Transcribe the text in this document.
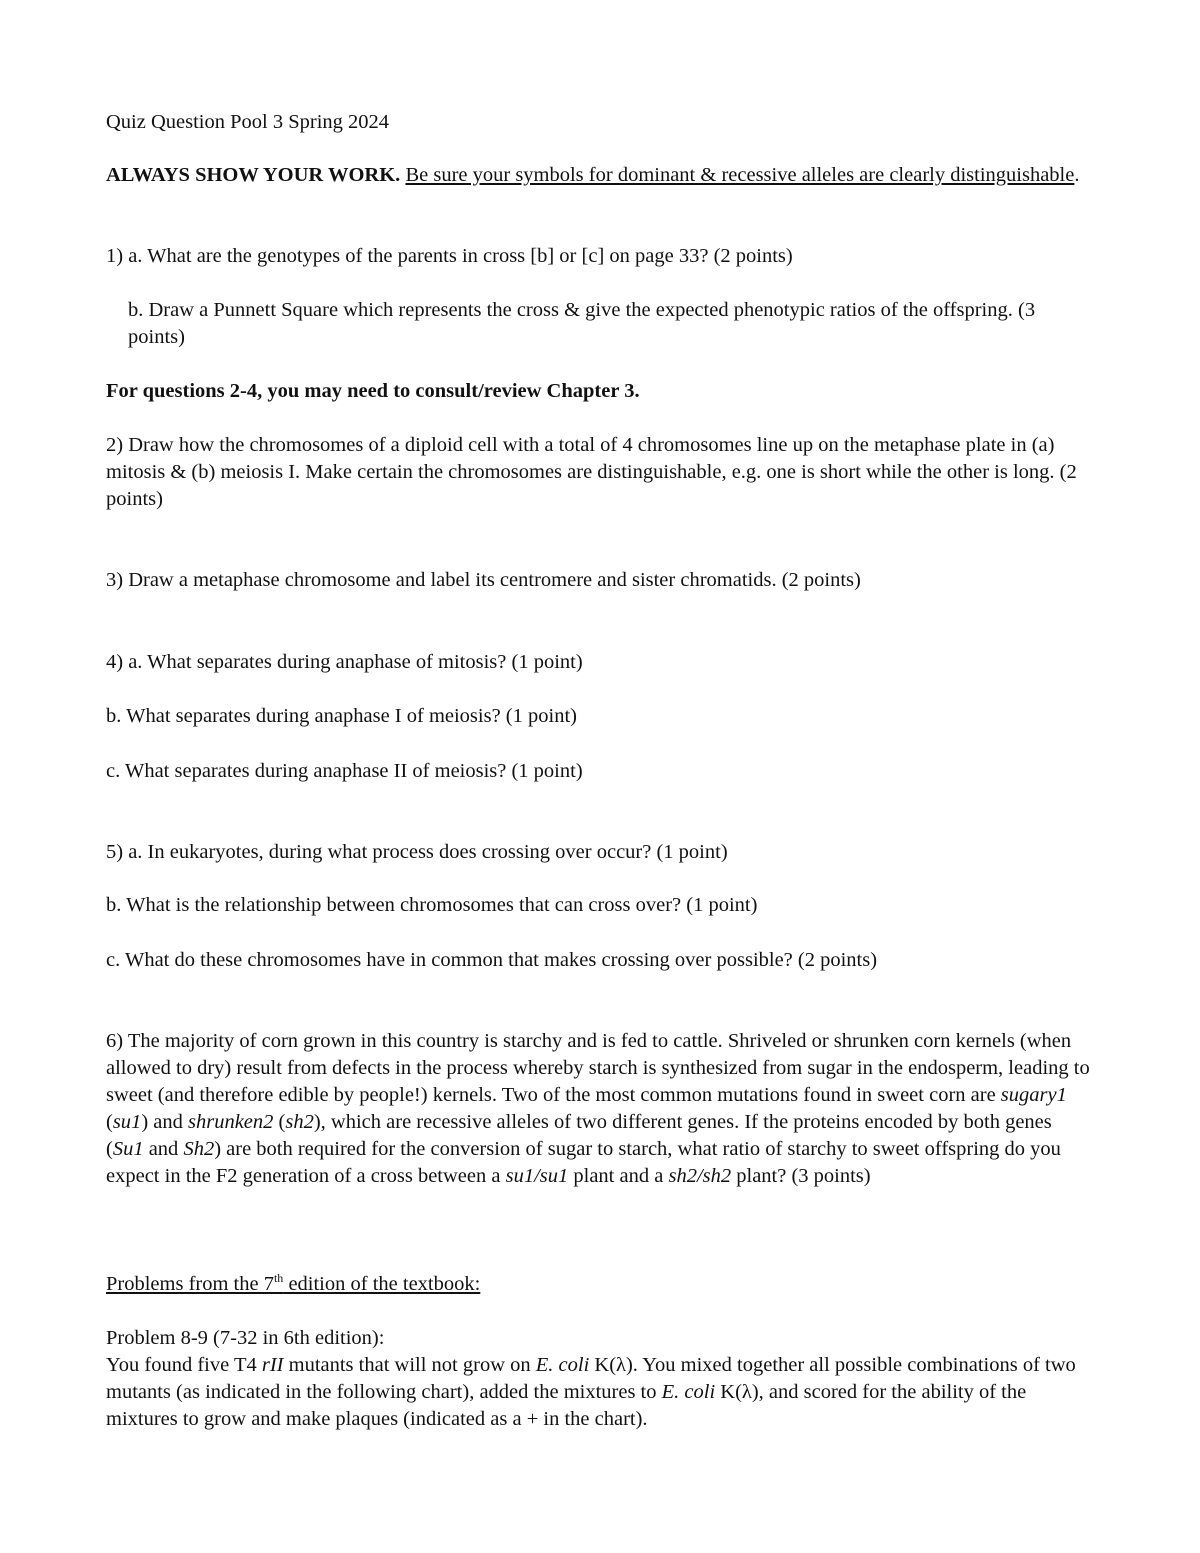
Quiz Question Pool 3 Spring 2024

ALWAYS SHOW YOUR WORK. Be sure your symbols for dominant & recessive alleles are clearly distinguishable.

1) a. What are the genotypes of the parents in cross [b] or [c] on page 33? (2 points)

b. Draw a Punnett Square which represents the cross & give the expected phenotypic ratios of the offspring. (3 points)

For questions 2-4, you may need to consult/review Chapter 3.

2) Draw how the chromosomes of a diploid cell with a total of 4 chromosomes line up on the metaphase plate in (a) mitosis & (b) meiosis I. Make certain the chromosomes are distinguishable, e.g. one is short while the other is long. (2 points)

3) Draw a metaphase chromosome and label its centromere and sister chromatids. (2 points)

4) a. What separates during anaphase of mitosis? (1 point)

b. What separates during anaphase I of meiosis? (1 point)

c. What separates during anaphase II of meiosis? (1 point)

5) a. In eukaryotes, during what process does crossing over occur? (1 point)

b. What is the relationship between chromosomes that can cross over? (1 point)

c. What do these chromosomes have in common that makes crossing over possible? (2 points)

6) The majority of corn grown in this country is starchy and is fed to cattle. Shriveled or shrunken corn kernels (when allowed to dry) result from defects in the process whereby starch is synthesized from sugar in the endosperm, leading to sweet (and therefore edible by people!) kernels. Two of the most common mutations found in sweet corn are sugary1 (su1) and shrunken2 (sh2), which are recessive alleles of two different genes. If the proteins encoded by both genes (Su1 and Sh2) are both required for the conversion of sugar to starch, what ratio of starchy to sweet offspring do you expect in the F2 generation of a cross between a su1/su1 plant and a sh2/sh2 plant? (3 points)

Problems from the 7th edition of the textbook:

Problem 8-9 (7-32 in 6th edition):

You found five T4 rII mutants that will not grow on E. coli K(λ). You mixed together all possible combinations of two mutants (as indicated in the following chart), added the mixtures to E. coli K(λ), and scored for the ability of the mixtures to grow and make plaques (indicated as a + in the chart).
